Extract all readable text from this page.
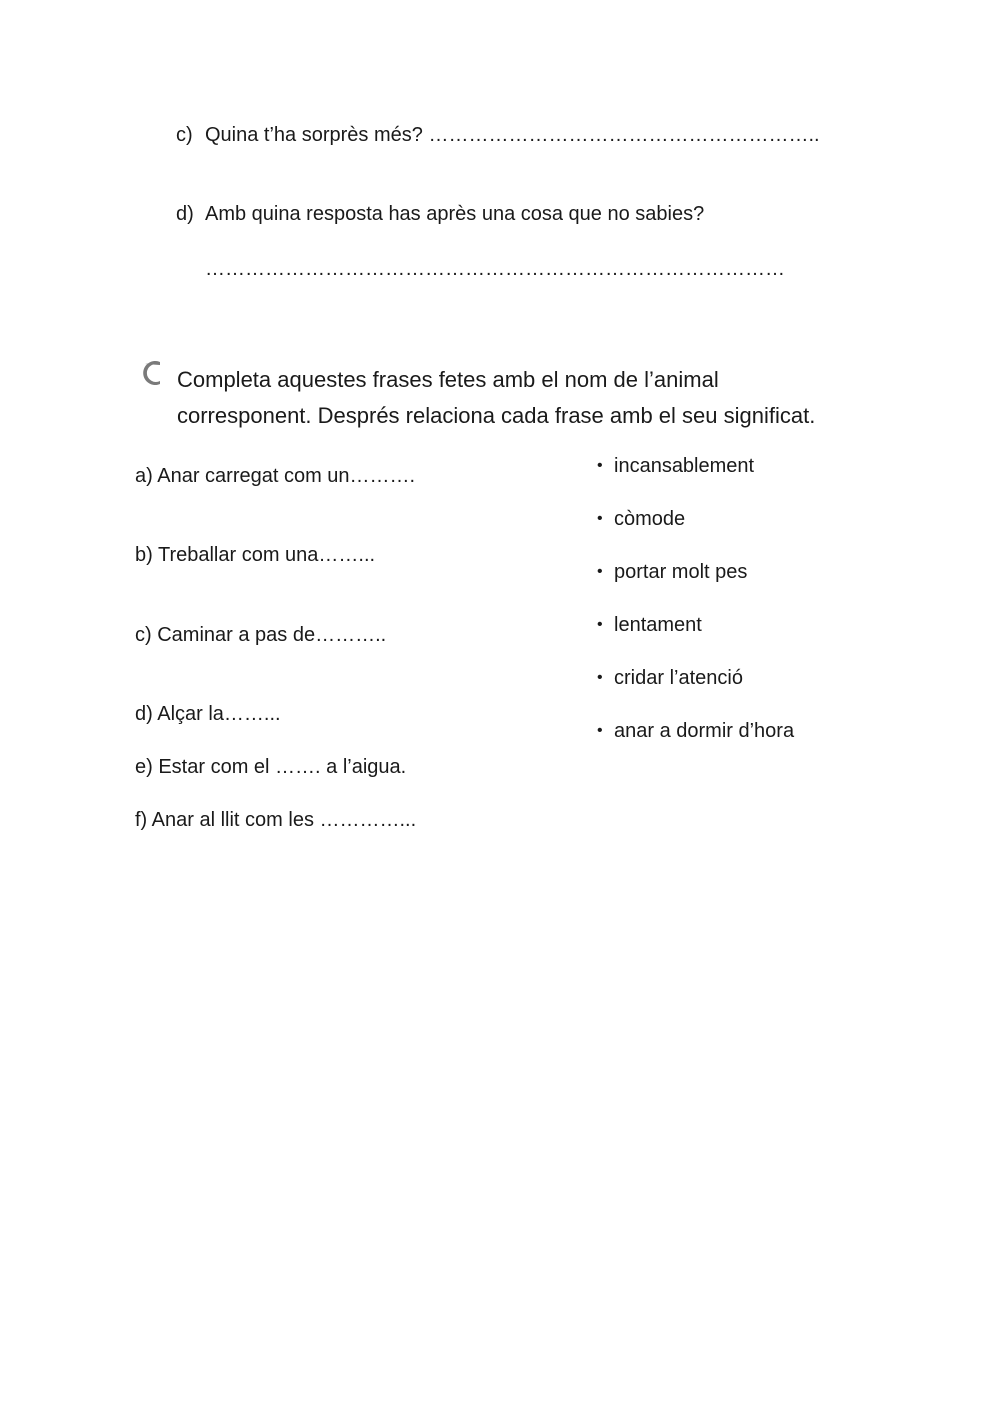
c) Quina t’ha sorprès més? …………………………………………………..
d) Amb quina resposta has après una cosa que no sabies?
……………………………………………………………………………
Completa aquestes frases fetes amb el nom de l’animal
corresponent. Després relaciona cada frase amb el seu significat.
a) Anar carregat com un……….
b) Treballar com una……...
c) Caminar a pas de………..
d) Alçar la……...
e) Estar com el ……. a l’aigua.
f) Anar al llit com les …………...
• incansablement
• còmode
• portar molt pes
• lentament
• cridar l’atenció
• anar a dormir d’hora
